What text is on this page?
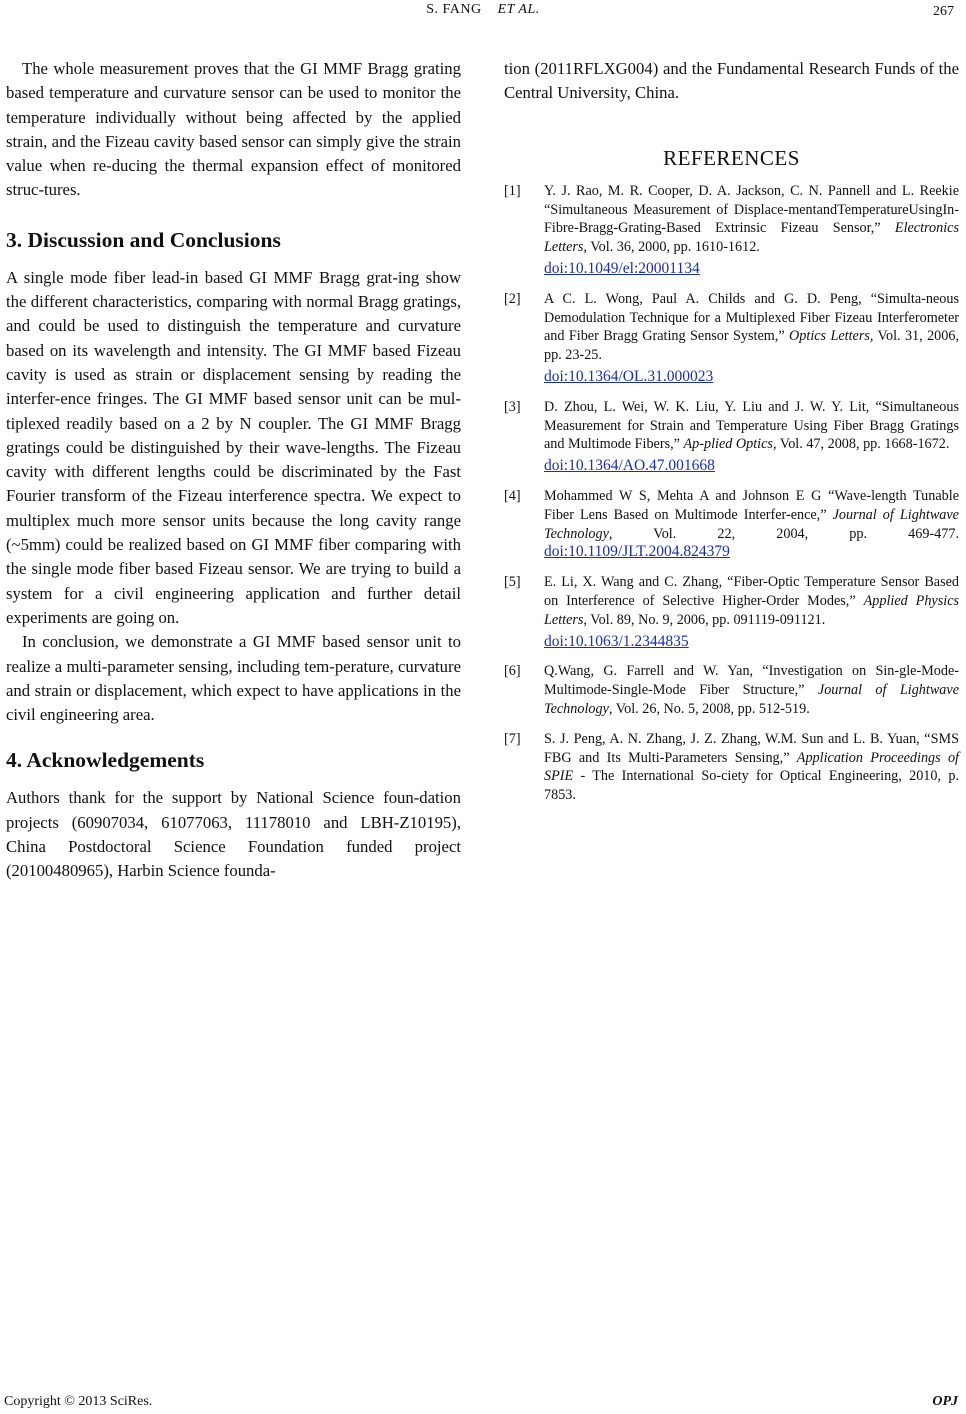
S. FANG ET AL.	267

The whole measurement proves that the GI MMF Bragg grating based temperature and curvature sensor can be used to monitor the temperature individually without being affected by the applied strain, and the Fizeau cavity based sensor can simply give the strain value when re-ducing the thermal expansion effect of monitored struc-tures.

3. Discussion and Conclusions

A single mode fiber lead-in based GI MMF Bragg grat-ing show the different characteristics, comparing with normal Bragg gratings, and could be used to distinguish the temperature and curvature based on its wavelength and intensity. The GI MMF based Fizeau cavity is used as strain or displacement sensing by reading the interfer-ence fringes. The GI MMF based sensor unit can be mul-tiplexed readily based on a 2 by N coupler. The GI MMF Bragg gratings could be distinguished by their wave-lengths. The Fizeau cavity with different lengths could be discriminated by the Fast Fourier transform of the Fizeau interference spectra. We expect to multiplex much more sensor units because the long cavity range (~5mm) could be realized based on GI MMF fiber comparing with the single mode fiber based Fizeau sensor. We are trying to build a system for a civil engineering application and further detail experiments are going on.

In conclusion, we demonstrate a GI MMF based sensor unit to realize a multi-parameter sensing, including tem-perature, curvature and strain or displacement, which expect to have applications in the civil engineering area.

4. Acknowledgements

Authors thank for the support by National Science foun-dation projects (60907034, 61077063, 11178010 and LBH-Z10195), China Postdoctoral Science Foundation funded project (20100480965), Harbin Science founda-

tion (2011RFLXG004) and the Fundamental Research Funds of the Central University, China.

REFERENCES
[1]	Y. J. Rao, M. R. Cooper, D. A. Jackson, C. N. Pannell and L. Reekie “Simultaneous Measurement of Displace-mentandTemperatureUsingIn-Fibre-Bragg-Grating-Based Extrinsic Fizeau Sensor,” Electronics Letters, Vol. 36, 2000, pp. 1610-1612.
doi:10.1049/el:20001134
[2]	A C. L. Wong, Paul A. Childs and G. D. Peng, “Simulta-neous Demodulation Technique for a Multiplexed Fiber Fizeau Interferometer and Fiber Bragg Grating Sensor System,” Optics Letters, Vol. 31, 2006, pp. 23-25.
doi:10.1364/OL.31.000023
[3]	D. Zhou, L. Wei, W. K. Liu, Y. Liu and J. W. Y. Lit, “Simultaneous Measurement for Strain and Temperature Using Fiber Bragg Gratings and Multimode Fibers,” Ap-plied Optics, Vol. 47, 2008, pp. 1668-1672.
doi:10.1364/AO.47.001668
[4]	Mohammed W S, Mehta A and Johnson E G “Wave-length Tunable Fiber Lens Based on Multimode Interfer-ence,” Journal of Lightwave Technology, Vol. 22, 2004, pp. 469-477. doi:10.1109/JLT.2004.824379
[5]	E. Li, X. Wang and C. Zhang, “Fiber-Optic Temperature Sensor Based on Interference of Selective Higher-Order Modes,” Applied Physics Letters, Vol. 89, No. 9, 2006, pp. 091119-091121.
doi:10.1063/1.2344835
[6]	Q.Wang, G. Farrell and W. Yan, “Investigation on Sin-gle-Mode-Multimode-Single-Mode Fiber Structure,” Journal of Lightwave Technology, Vol. 26, No. 5, 2008, pp. 512-519.
[7]	S. J. Peng, A. N. Zhang, J. Z. Zhang, W.M. Sun and L. B. Yuan, “SMS FBG and Its Multi-Parameters Sensing,” Application Proceedings of SPIE - The International So-ciety for Optical Engineering, 2010, p. 7853.
Copyright © 2013 SciRes.	OPJ
